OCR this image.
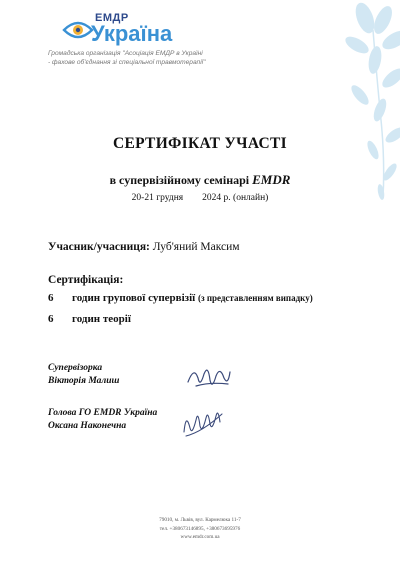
ЕМДР
Україна
Громадська організація "Асоціація ЕМДР в Україні
- фахове об'єднання зі спеціальної травмотерапії"
СЕРТИФІКАТ УЧАСТІ
в супервізійному семінарі EMDR
20-21 грудня        2024 р. (онлайн)
Учасник/учасниця: Луб'яний Максим
Сертифікація:
6 годин групової супервізії (з представленням випадку)
6 годин теорії
Супервізорка
Вікторія Малиш
Голова ГО EMDR Україна
Оксана Наконечна
79010, м. Львів, вул. Кармелюка 11-7
тел. +380673146895, +380673695976
www.emdr.com.ua
